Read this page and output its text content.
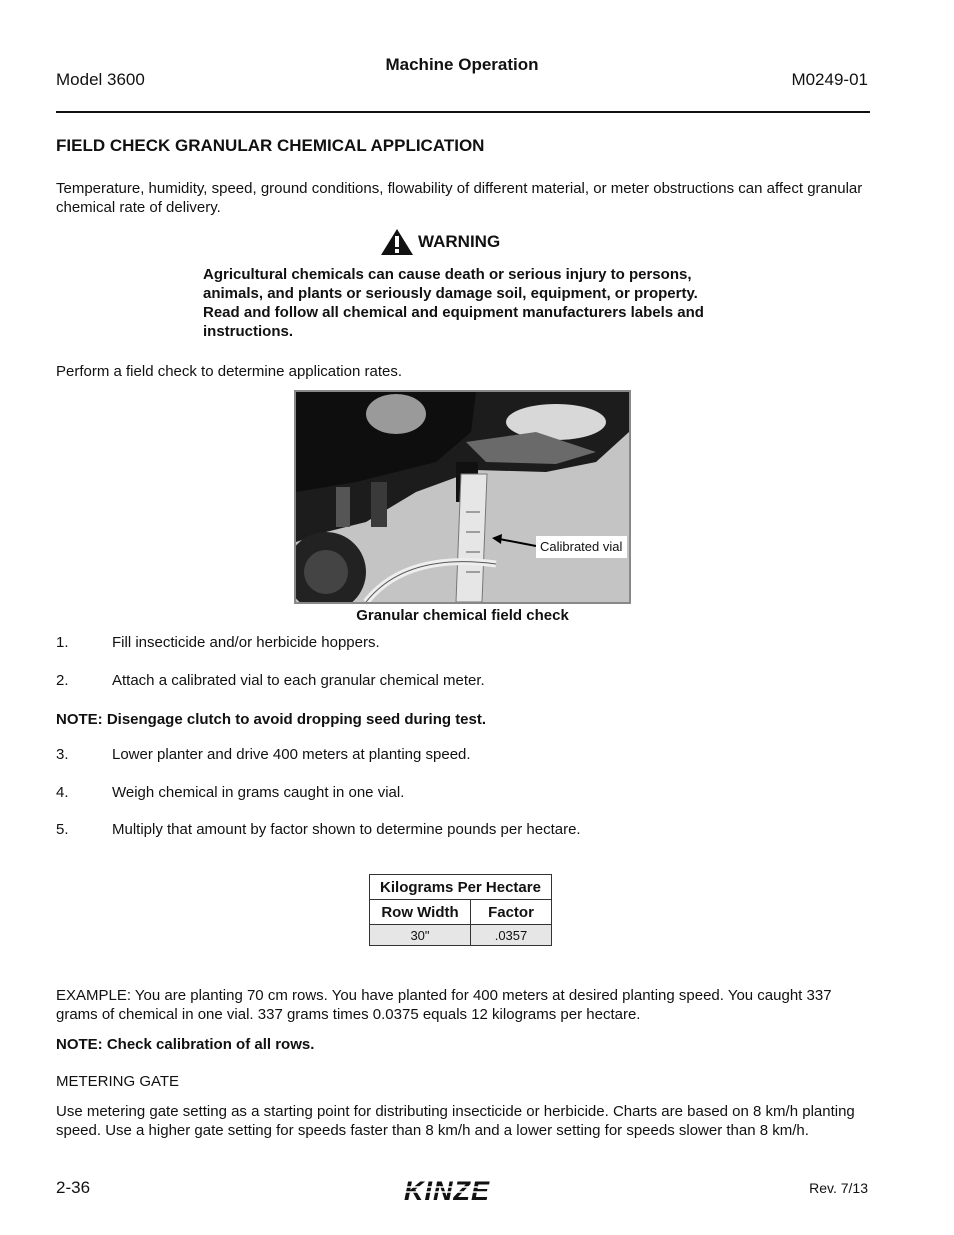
Model 3600
Machine Operation
M0249-01
FIELD CHECK GRANULAR CHEMICAL APPLICATION
Temperature, humidity, speed, ground conditions, flowability of different material, or meter obstructions can affect granular chemical rate of delivery.
WARNING
Agricultural chemicals can cause death or serious injury to persons, animals, and plants or seriously damage soil, equipment, or property. Read and follow all chemical and equipment manufacturers labels and instructions.
Perform a field check to determine application rates.
Calibrated vial
Granular chemical field check
1.	Fill insecticide and/or herbicide hoppers.
2.	Attach a calibrated vial to each granular chemical meter.
NOTE: Disengage clutch to avoid dropping seed during test.
3.	Lower planter and drive 400 meters at planting speed.
4.	Weigh chemical in grams caught in one vial.
5.	Multiply that amount by factor shown to determine pounds per hectare.
Kilograms Per Hectare	
Row Width	Factor
30"	.0357
EXAMPLE: You are planting 70 cm rows. You have planted for 400 meters at desired planting speed. You caught 337 grams of chemical in one vial. 337 grams times 0.0375 equals 12 kilograms per hectare.
NOTE: Check calibration of all rows.
METERING GATE
Use metering gate setting as a starting point for distributing insecticide or herbicide. Charts are based on 8 km/h planting speed. Use a higher gate setting for speeds faster than 8 km/h and a lower setting for speeds slower than 8 km/h.
2-36	KINZE	Rev. 7/13
